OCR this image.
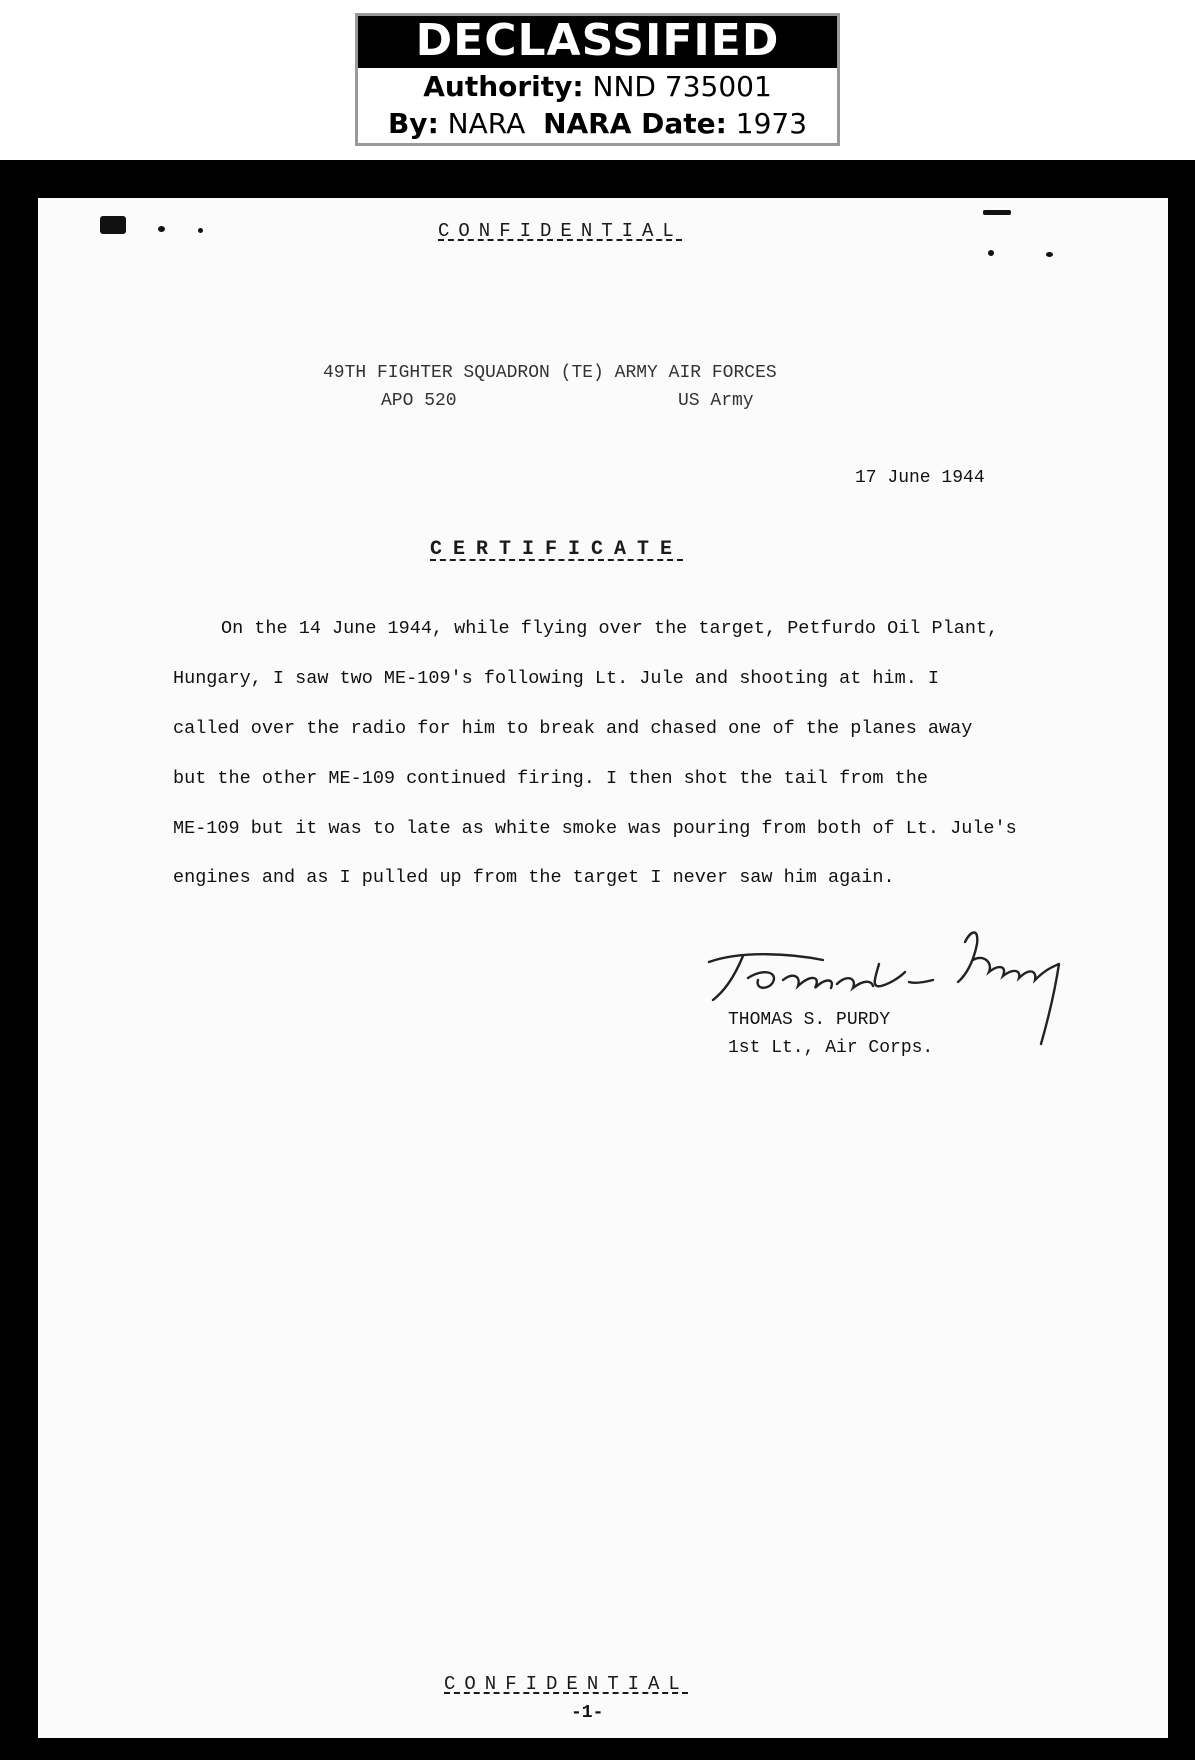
DECLASSIFIED
Authority: NND 735001
By: NARA NARA Date: 1973
CONFIDENTIAL
49TH FIGHTER SQUADRON (TE) ARMY AIR FORCES
APO 520	US Army
17 June 1944
CERTIFICATE
On the 14 June 1944, while flying over the target, Petfurdo Oil Plant,
Hungary, I saw two ME-109's following Lt. Jule and shooting at him. I
called over the radio for him to break and chased one of the planes away
but the other ME-109 continued firing. I then shot the tail from the
ME-109 but it was to late as white smoke was pouring from both of Lt. Jule's
engines and as I pulled up from the target I never saw him again.
THOMAS S. PURDY
1st Lt., Air Corps.
CONFIDENTIAL
-1-
